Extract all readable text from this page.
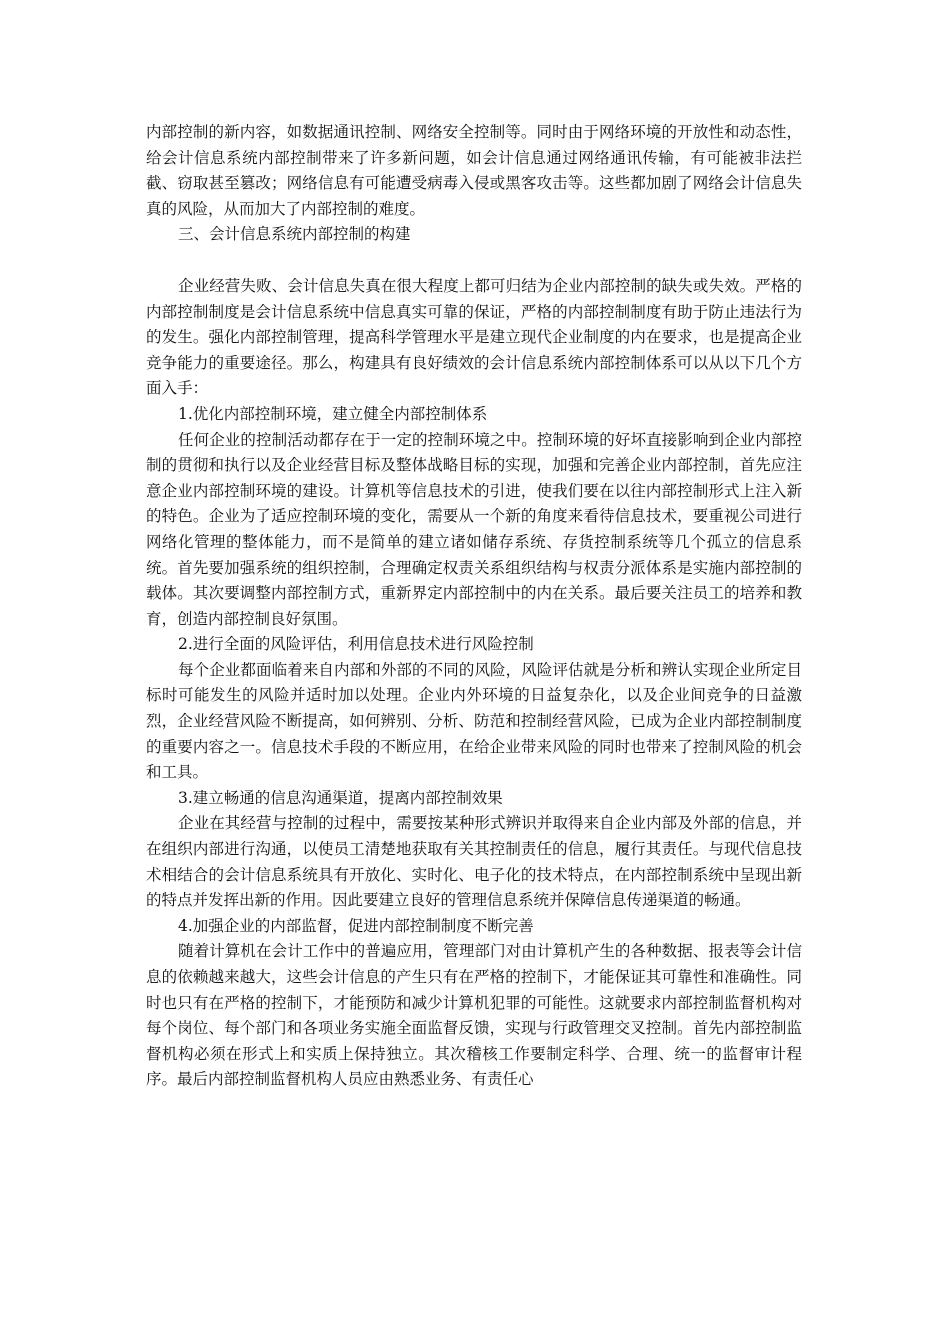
内部控制的新内容，如数据通讯控制、网络安全控制等。同时由于网络环境的开放性和动态性，给会计信息系统内部控制带来了许多新问题，如会计信息通过网络通讯传输，有可能被非法拦截、窃取甚至篡改；网络信息有可能遭受病毒入侵或黑客攻击等。这些都加剧了网络会计信息失真的风险，从而加大了内部控制的难度。

三、会计信息系统内部控制的构建

企业经营失败、会计信息失真在很大程度上都可归结为企业内部控制的缺失或失效。严格的内部控制制度是会计信息系统中信息真实可靠的保证，严格的内部控制制度有助于防止违法行为的发生。强化内部控制管理，提高科学管理水平是建立现代企业制度的内在要求，也是提高企业竞争能力的重要途径。那么，构建具有良好绩效的会计信息系统内部控制体系可以从以下几个方面入手：

1.优化内部控制环境，建立健全内部控制体系

任何企业的控制活动都存在于一定的控制环境之中。控制环境的好坏直接影响到企业内部控制的贯彻和执行以及企业经营目标及整体战略目标的实现，加强和完善企业内部控制，首先应注意企业内部控制环境的建设。计算机等信息技术的引进，使我们要在以往内部控制形式上注入新的特色。企业为了适应控制环境的变化，需要从一个新的角度来看待信息技术，要重视公司进行网络化管理的整体能力，而不是简单的建立诸如储存系统、存货控制系统等几个孤立的信息系统。首先要加强系统的组织控制，合理确定权责关系组织结构与权责分派体系是实施内部控制的载体。其次要调整内部控制方式，重新界定内部控制中的内在关系。最后要关注员工的培养和教育，创造内部控制良好氛围。

2.进行全面的风险评估，利用信息技术进行风险控制

每个企业都面临着来自内部和外部的不同的风险，风险评估就是分析和辨认实现企业所定目标时可能发生的风险并适时加以处理。企业内外环境的日益复杂化，以及企业间竞争的日益激烈，企业经营风险不断提高，如何辨别、分析、防范和控制经营风险，已成为企业内部控制制度的重要内容之一。信息技术手段的不断应用，在给企业带来风险的同时也带来了控制风险的机会和工具。

3.建立畅通的信息沟通渠道，提离内部控制效果

企业在其经营与控制的过程中，需要按某种形式辨识并取得来自企业内部及外部的信息，并在组织内部进行沟通，以使员工清楚地获取有关其控制责任的信息，履行其责任。与现代信息技术相结合的会计信息系统具有开放化、实时化、电子化的技术特点，在内部控制系统中呈现出新的特点并发挥出新的作用。因此要建立良好的管理信息系统并保障信息传递渠道的畅通。

4.加强企业的内部监督，促进内部控制制度不断完善

随着计算机在会计工作中的普遍应用，管理部门对由计算机产生的各种数据、报表等会计信息的依赖越来越大，这些会计信息的产生只有在严格的控制下，才能保证其可靠性和准确性。同时也只有在严格的控制下，才能预防和减少计算机犯罪的可能性。这就要求内部控制监督机构对每个岗位、每个部门和各项业务实施全面监督反馈，实现与行政管理交叉控制。首先内部控制监督机构必须在形式上和实质上保持独立。其次稽核工作要制定科学、合理、统一的监督审计程序。最后内部控制监督机构人员应由熟悉业务、有责任心
